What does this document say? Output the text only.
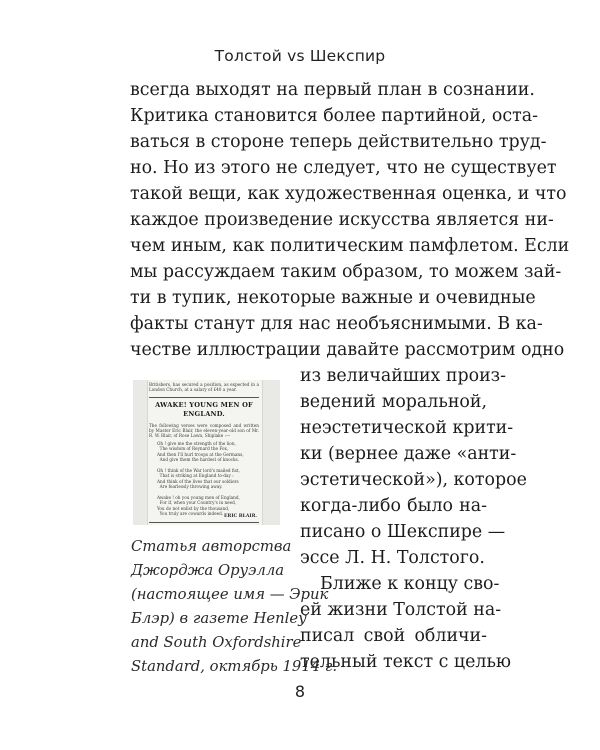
Толстой vs Шекспир
всегда выходят на первый план в сознании.
Критика становится более партийной, оста-
ваться в стороне теперь действительно труд-
но. Но из этого не следует, что не существует
такой вещи, как художественная оценка, и что
каждое произведение искусства является ни-
чем иным, как политическим памфлетом. Если
мы рассуждаем таким образом, то можем зай-
ти в тупик, некоторые важные и очевидные
факты станут для нас необъяснимыми. В ка-
честве иллюстрации давайте рассмотрим одно
из величайших произ-
ведений моральной,
неэстетической крити-
ки (вернее даже «анти-
эстетической»), которое
когда-либо было на-
писано о Шекспире —
эссе Л. Н. Толстого.
Ближе к концу сво-
ей жизни Толстой на-
писал свой обличи-
тельный текст с целью
Britishers, has secured a position, as expected in a London Church, at a salary of £40 a year.
AWAKE! YOUNG MEN OF
ENGLAND.
The following verses were composed and written by Master Eric Blair, the eleven-year-old son of Mr. R. W. Blair, of Rose Lawn, Shiplake :—
Oh ! give me the strength of the lion,
The wisdom of Reynard the Fox,
And then I'll hurl troops at the Germans,
And give them the hardest of knocks.

Oh ! think of the War lord's mailed fist,
That is striking at England to-day :
And think of the lives that our soldiers
Are fearlessly throwing away.

Awake ! oh you young men of England,
For if, when your Country's in need,
You do not enlist by the thousand,
You truly are cowards indeed.
ERIC BLAIR.
Статья авторства
Джорджа Оруэлла
(настоящее имя — Эрик
Блэр) в газете Henley
and South Oxfordshire
Standard, октябрь 1914 г.
8
